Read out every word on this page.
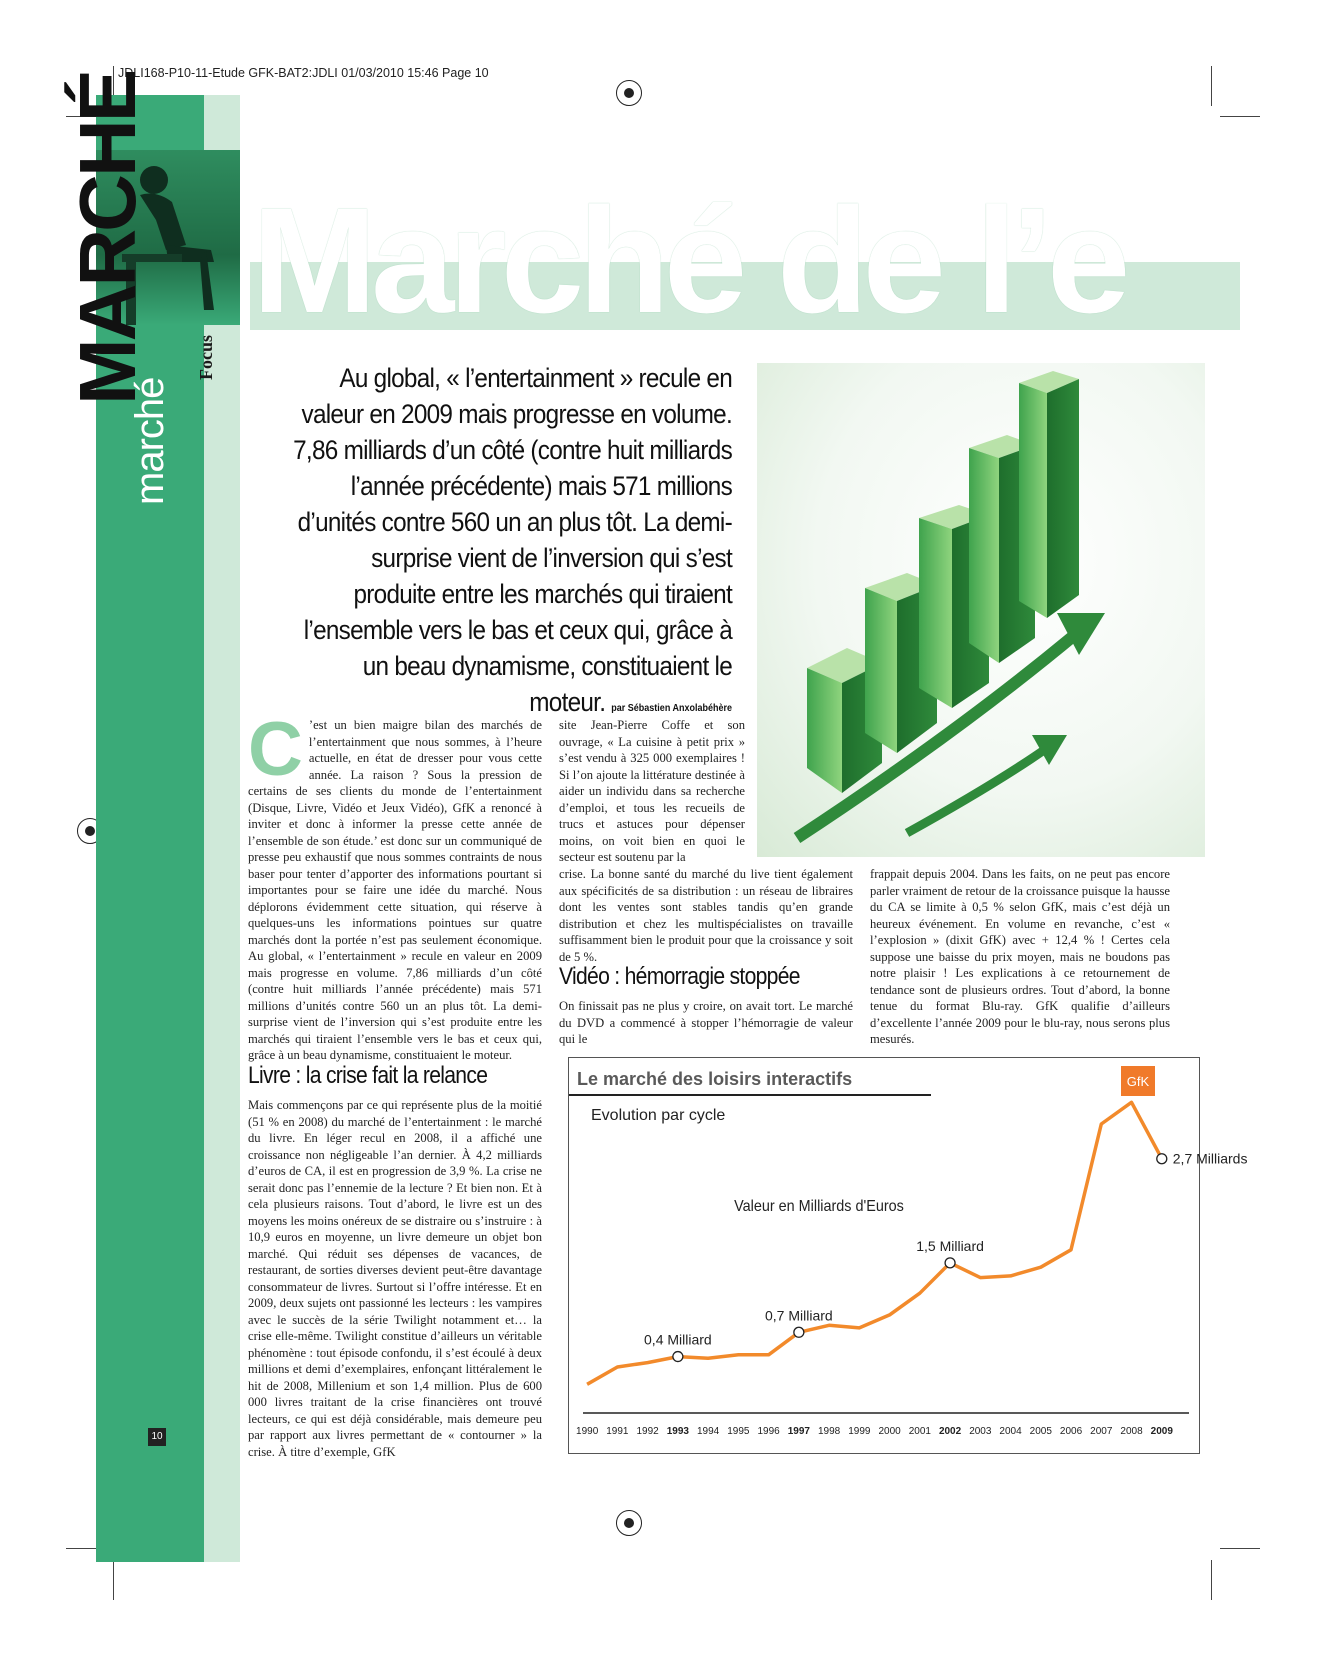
JDLI168-P10-11-Etude GFK-BAT2:JDLI 01/03/2010 15:46 Page 10
MARCHÉ
marché
Focus
Marché de l’e
Au global, « l’entertainment » recule en valeur en 2009 mais progresse en volume. 7,86 milliards d’un côté (contre huit milliards l’année précédente) mais 571 millions d’unités contre 560 un an plus tôt. La demi-surprise vient de l’inversion qui s’est produite entre les marchés qui tiraient l’ensemble vers le bas et ceux qui, grâce à un beau dynamisme, constituaient le moteur. par Sébastien Anxolabéhère

C ’est un bien maigre bilan des marchés de l’entertainment que nous sommes, à l’heure actuelle, en état de dresser pour vous cette année. La raison ? Sous la pression de certains de ses clients du monde de l’entertainment (Disque, Livre, Vidéo et Jeux Vidéo), GfK a renoncé à inviter et donc à informer la presse cette année de l’ensemble de son étude.’ est donc sur un communiqué de presse peu exhaustif que nous sommes contraints de nous baser pour tenter d’apporter des informations pourtant si importantes pour se faire une idée du marché. Nous déplorons évidemment cette situation, qui réserve à quelques-uns les informations pointues sur quatre marchés dont la portée n’est pas seulement économique. Au global, « l’entertainment » recule en valeur en 2009 mais progresse en volume. 7,86 milliards d’un côté (contre huit milliards l’année précédente) mais 571 millions d’unités contre 560 un an plus tôt. La demi-surprise vient de l’inversion qui s’est produite entre les marchés qui tiraient l’ensemble vers le bas et ceux qui, grâce à un beau dynamisme, constituaient le moteur.

Livre : la crise fait la relance

Mais commençons par ce qui représente plus de la moitié (51 % en 2008) du marché de l’entertainment : le marché du livre. En léger recul en 2008, il a affiché une croissance non négligeable l’an dernier. À 4,2 milliards d’euros de CA, il est en progression de 3,9 %. La crise ne serait donc pas l’ennemie de la lecture ? Et bien non. Et à cela plusieurs raisons. Tout d’abord, le livre est un des moyens les moins onéreux de se distraire ou s’instruire : à 10,9 euros en moyenne, un livre demeure un objet bon marché. Qui réduit ses dépenses de vacances, de restaurant, de sorties diverses devient peut-être davantage consommateur de livres. Surtout si l’offre intéresse. Et en 2009, deux sujets ont passionné les lecteurs : les vampires avec le succès de la série Twilight notamment et… la crise elle-même. Twilight constitue d’ailleurs un véritable phénomène : tout épisode confondu, il s’est écoulé à deux millions et demi d’exemplaires, enfonçant littéralement le hit de 2008, Millenium et son 1,4 million. Plus de 600 000 livres traitant de la crise financières ont trouvé lecteurs, ce qui est déjà considérable, mais demeure peu par rapport aux livres permettant de « contourner » la crise. À titre d’exemple, GfK

site Jean-Pierre Coffe et son ouvrage, « La cuisine à petit prix » s’est vendu à 325 000 exemplaires ! Si l’on ajoute la littérature destinée à aider un individu dans sa recherche d’emploi, et tous les recueils de trucs et astuces pour dépenser moins, on voit bien en quoi le secteur est soutenu par la

crise. La bonne santé du marché du live tient également aux spécificités de sa distribution : un réseau de libraires dont les ventes sont stables tandis qu’en grande distribution et chez les multispécialistes on travaille suffisamment bien le produit pour que la croissance y soit de 5 %.

Vidéo : hémorragie stoppée

On finissait pas ne plus y croire, on avait tort. Le marché du DVD a commencé à stopper l’hémorragie de valeur qui le

frappait depuis 2004. Dans les faits, on ne peut pas encore parler vraiment de retour de la croissance puisque la hausse du CA se limite à 0,5 % selon GfK, mais c’est déjà un heureux événement. En volume en revanche, c’est « l’explosion » (dixit GfK) avec + 12,4 % ! Certes cela suppose une baisse du prix moyen, mais ne boudons pas notre plaisir ! Les explications à ce retournement de tendance sont de plusieurs ordres. Tout d’abord, la bonne tenue du format Blu-ray. GfK qualifie d’ailleurs d’excellente l’année 2009 pour le blu-ray, nous serons plus mesurés.

10
Le marché des loisirs interactifs	GfK
Evolution par cycle
Valeur en Milliards d'Euros
1990 1991 1992 1993 1994 1995 1996 1997 1998 1999 2000 2001 2002 2003 2004 2005 2006 2007 2008 2009
0,4 Milliard
0,7 Milliard
1,5 Milliard
2,7 Milliards
